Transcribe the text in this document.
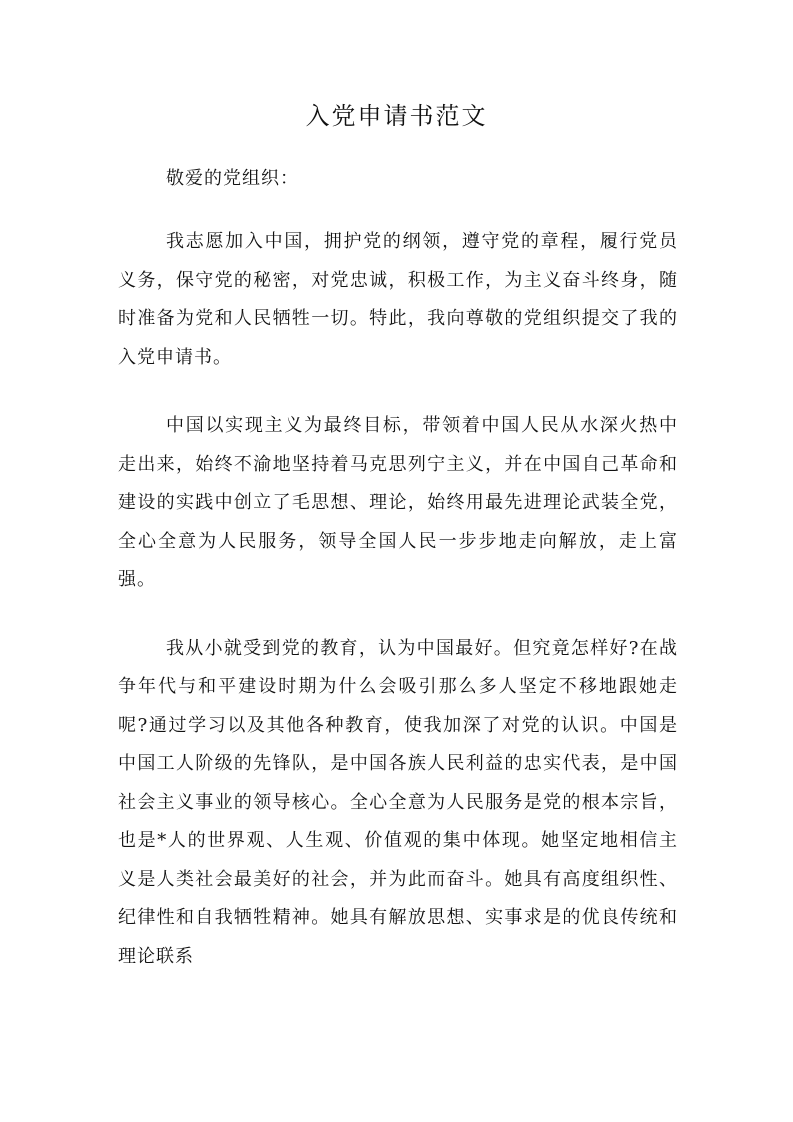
入党申请书范文

敬爱的党组织：

我志愿加入中国，拥护党的纲领，遵守党的章程，履行党员义务，保守党的秘密，对党忠诚，积极工作，为主义奋斗终身，随时准备为党和人民牺牲一切。特此，我向尊敬的党组织提交了我的入党申请书。

中国以实现主义为最终目标，带领着中国人民从水深火热中走出来，始终不渝地坚持着马克思列宁主义，并在中国自己革命和建设的实践中创立了毛思想、理论，始终用最先进理论武装全党，全心全意为人民服务，领导全国人民一步步地走向解放，走上富强。

我从小就受到党的教育，认为中国最好。但究竟怎样好?在战争年代与和平建设时期为什么会吸引那么多人坚定不移地跟她走呢?通过学习以及其他各种教育，使我加深了对党的认识。中国是中国工人阶级的先锋队，是中国各族人民利益的忠实代表，是中国社会主义事业的领导核心。全心全意为人民服务是党的根本宗旨，也是*人的世界观、人生观、价值观的集中体现。她坚定地相信主义是人类社会最美好的社会，并为此而奋斗。她具有高度组织性、纪律性和自我牺牲精神。她具有解放思想、实事求是的优良传统和理论联系
